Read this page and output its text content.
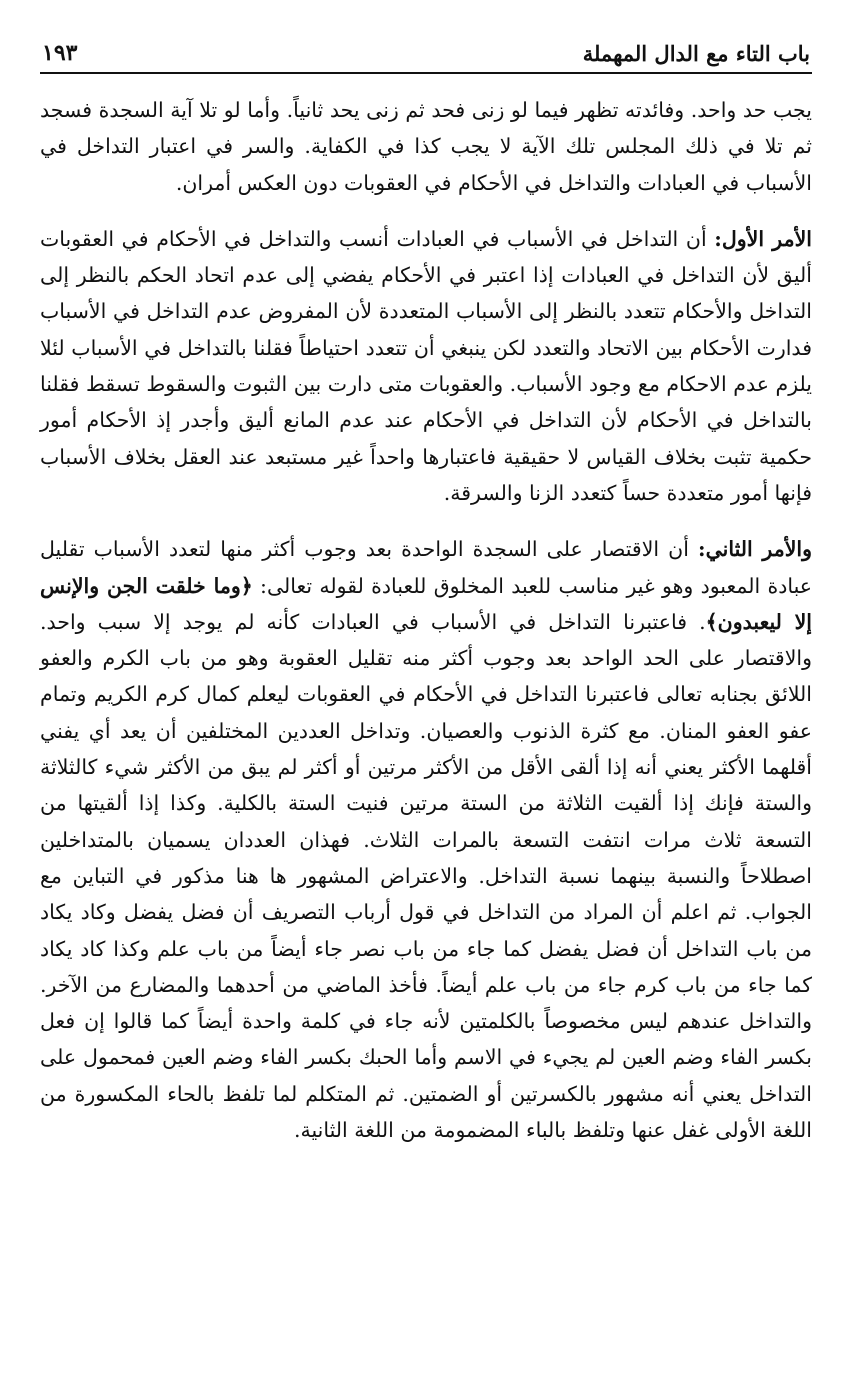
باب التاء مع الدال المهملة
١٩٣

يجب حد واحد. وفائدته تظهر فيما لو زنى فحد ثم زنى يحد ثانياً. وأما لو تلا آية السجدة فسجد ثم تلا في ذلك المجلس تلك الآية لا يجب كذا في الكفاية. والسر في اعتبار التداخل في الأسباب في العبادات والتداخل في الأحكام في العقوبات دون العكس أمران.

الأمر الأول: أن التداخل في الأسباب في العبادات أنسب والتداخل في الأحكام في العقوبات أليق لأن التداخل في العبادات إذا اعتبر في الأحكام يفضي إلى عدم اتحاد الحكم بالنظر إلى التداخل والأحكام تتعدد بالنظر إلى الأسباب المتعددة لأن المفروض عدم التداخل في الأسباب فدارت الأحكام بين الاتحاد والتعدد لكن ينبغي أن تتعدد احتياطاً فقلنا بالتداخل في الأسباب لئلا يلزم عدم الاحكام مع وجود الأسباب. والعقوبات متى دارت بين الثبوت والسقوط تسقط فقلنا بالتداخل في الأحكام لأن التداخل في الأحكام عند عدم المانع أليق وأجدر إذ الأحكام أمور حكمية تثبت بخلاف القياس لا حقيقية فاعتبارها واحداً غير مستبعد عند العقل بخلاف الأسباب فإنها أمور متعددة حساً كتعدد الزنا والسرقة.

والأمر الثاني: أن الاقتصار على السجدة الواحدة بعد وجوب أكثر منها لتعدد الأسباب تقليل عبادة المعبود وهو غير مناسب للعبد المخلوق للعبادة لقوله تعالى: ﴿وما خلقت الجن والإنس إلا ليعبدون﴾. فاعتبرنا التداخل في الأسباب في العبادات كأنه لم يوجد إلا سبب واحد. والاقتصار على الحد الواحد بعد وجوب أكثر منه تقليل العقوبة وهو من باب الكرم والعفو اللائق بجنابه تعالى فاعتبرنا التداخل في الأحكام في العقوبات ليعلم كمال كرم الكريم وتمام عفو العفو المنان. مع كثرة الذنوب والعصيان. وتداخل العددين المختلفين أن يعد أي يفني أقلهما الأكثر يعني أنه إذا ألقى الأقل من الأكثر مرتين أو أكثر لم يبق من الأكثر شيء كالثلاثة والستة فإنك إذا ألقيت الثلاثة من الستة مرتين فنيت الستة بالكلية. وكذا إذا ألقيتها من التسعة ثلاث مرات انتفت التسعة بالمرات الثلاث. فهذان العددان يسميان بالمتداخلين اصطلاحاً والنسبة بينهما نسبة التداخل. والاعتراض المشهور ها هنا مذكور في التباين مع الجواب. ثم اعلم أن المراد من التداخل في قول أرباب التصريف أن فضل يفضل وكاد يكاد من باب التداخل أن فضل يفضل كما جاء من باب نصر جاء أيضاً من باب علم وكذا كاد يكاد كما جاء من باب كرم جاء من باب علم أيضاً. فأخذ الماضي من أحدهما والمضارع من الآخر. والتداخل عندهم ليس مخصوصاً بالكلمتين لأنه جاء في كلمة واحدة أيضاً كما قالوا إن فعل بكسر الفاء وضم العين لم يجيء في الاسم وأما الحبك بكسر الفاء وضم العين فمحمول على التداخل يعني أنه مشهور بالكسرتين أو الضمتين. ثم المتكلم لما تلفظ بالحاء المكسورة من اللغة الأولى غفل عنها وتلفظ بالباء المضمومة من اللغة الثانية.
